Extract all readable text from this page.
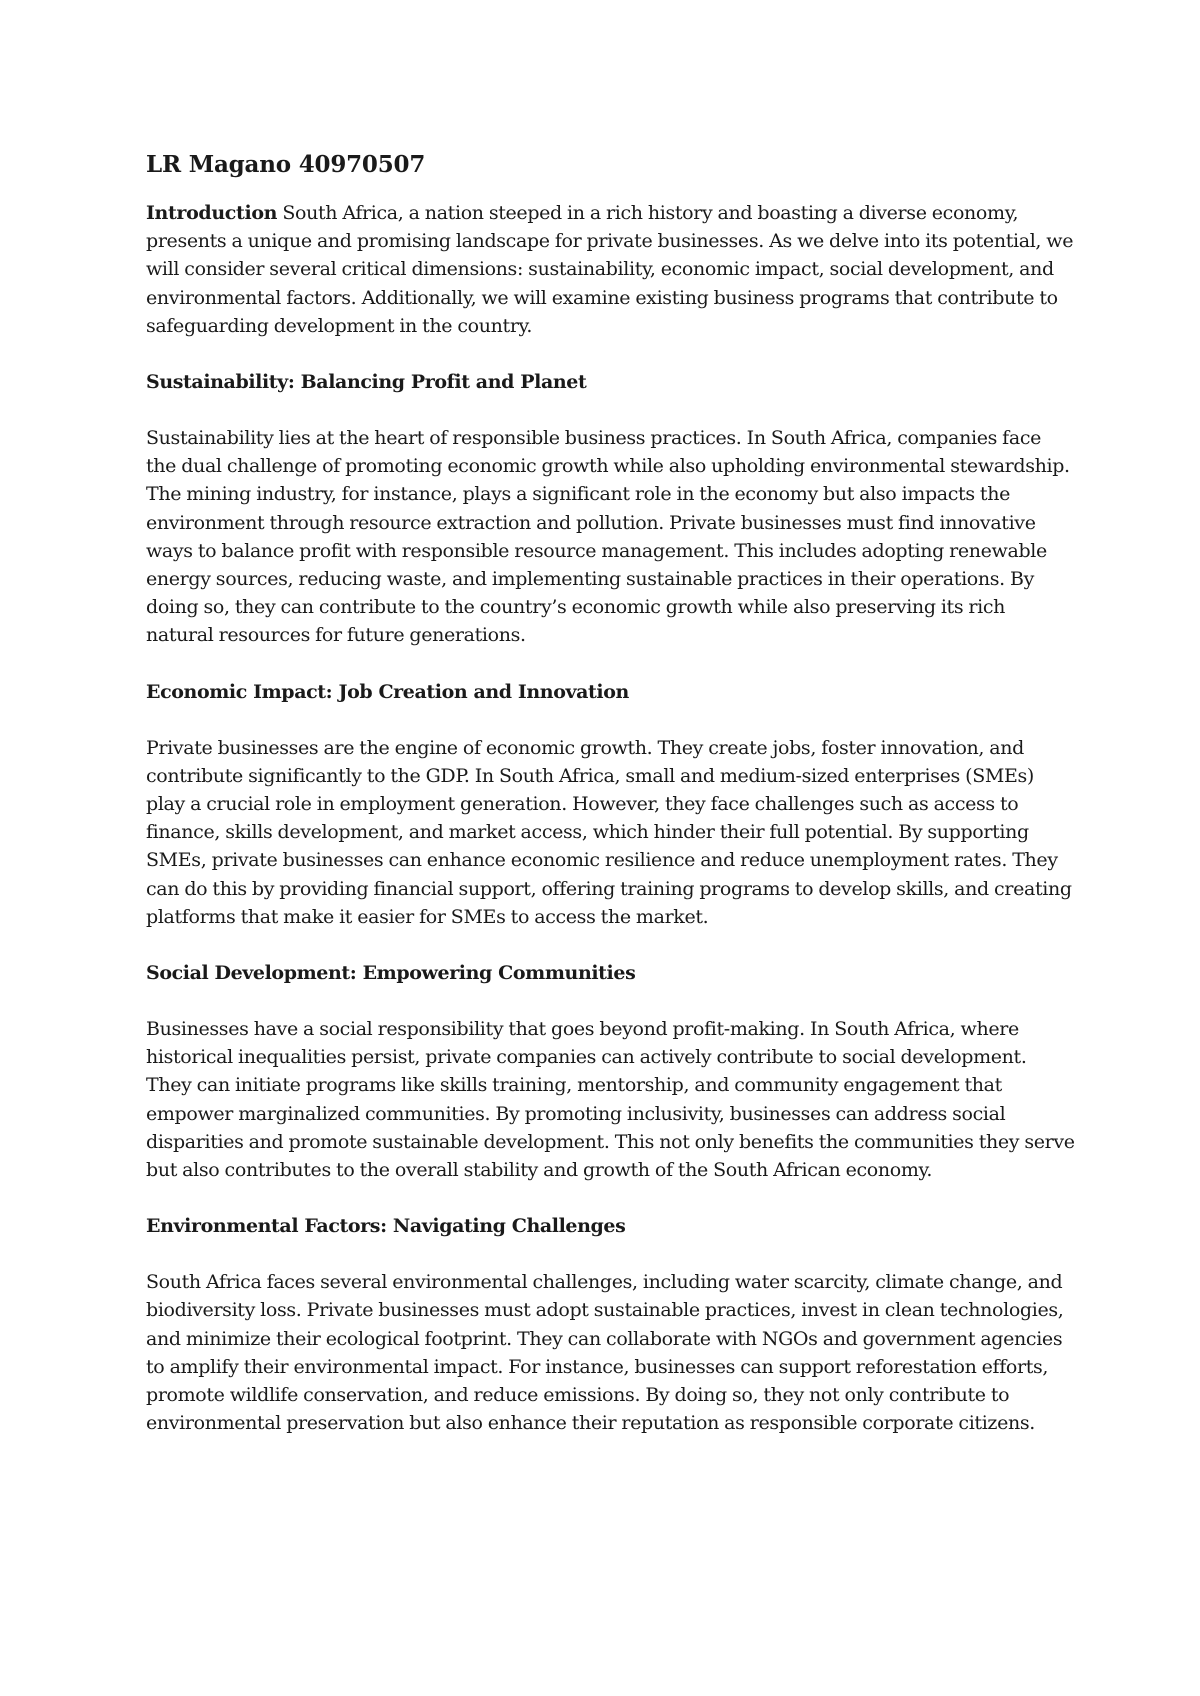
LR Magano 40970507

Introduction South Africa, a nation steeped in a rich history and boasting a diverse economy, presents a unique and promising landscape for private businesses. As we delve into its potential, we will consider several critical dimensions: sustainability, economic impact, social development, and environmental factors. Additionally, we will examine existing business programs that contribute to safeguarding development in the country.

Sustainability: Balancing Profit and Planet

Sustainability lies at the heart of responsible business practices. In South Africa, companies face the dual challenge of promoting economic growth while also upholding environmental stewardship. The mining industry, for instance, plays a significant role in the economy but also impacts the environment through resource extraction and pollution. Private businesses must find innovative ways to balance profit with responsible resource management. This includes adopting renewable energy sources, reducing waste, and implementing sustainable practices in their operations. By doing so, they can contribute to the country’s economic growth while also preserving its rich natural resources for future generations.

Economic Impact: Job Creation and Innovation

Private businesses are the engine of economic growth. They create jobs, foster innovation, and contribute significantly to the GDP. In South Africa, small and medium-sized enterprises (SMEs) play a crucial role in employment generation. However, they face challenges such as access to finance, skills development, and market access, which hinder their full potential. By supporting SMEs, private businesses can enhance economic resilience and reduce unemployment rates. They can do this by providing financial support, offering training programs to develop skills, and creating platforms that make it easier for SMEs to access the market.

Social Development: Empowering Communities

Businesses have a social responsibility that goes beyond profit-making. In South Africa, where historical inequalities persist, private companies can actively contribute to social development. They can initiate programs like skills training, mentorship, and community engagement that empower marginalized communities. By promoting inclusivity, businesses can address social disparities and promote sustainable development. This not only benefits the communities they serve but also contributes to the overall stability and growth of the South African economy.

Environmental Factors: Navigating Challenges

South Africa faces several environmental challenges, including water scarcity, climate change, and biodiversity loss. Private businesses must adopt sustainable practices, invest in clean technologies, and minimize their ecological footprint. They can collaborate with NGOs and government agencies to amplify their environmental impact. For instance, businesses can support reforestation efforts, promote wildlife conservation, and reduce emissions. By doing so, they not only contribute to environmental preservation but also enhance their reputation as responsible corporate citizens.
